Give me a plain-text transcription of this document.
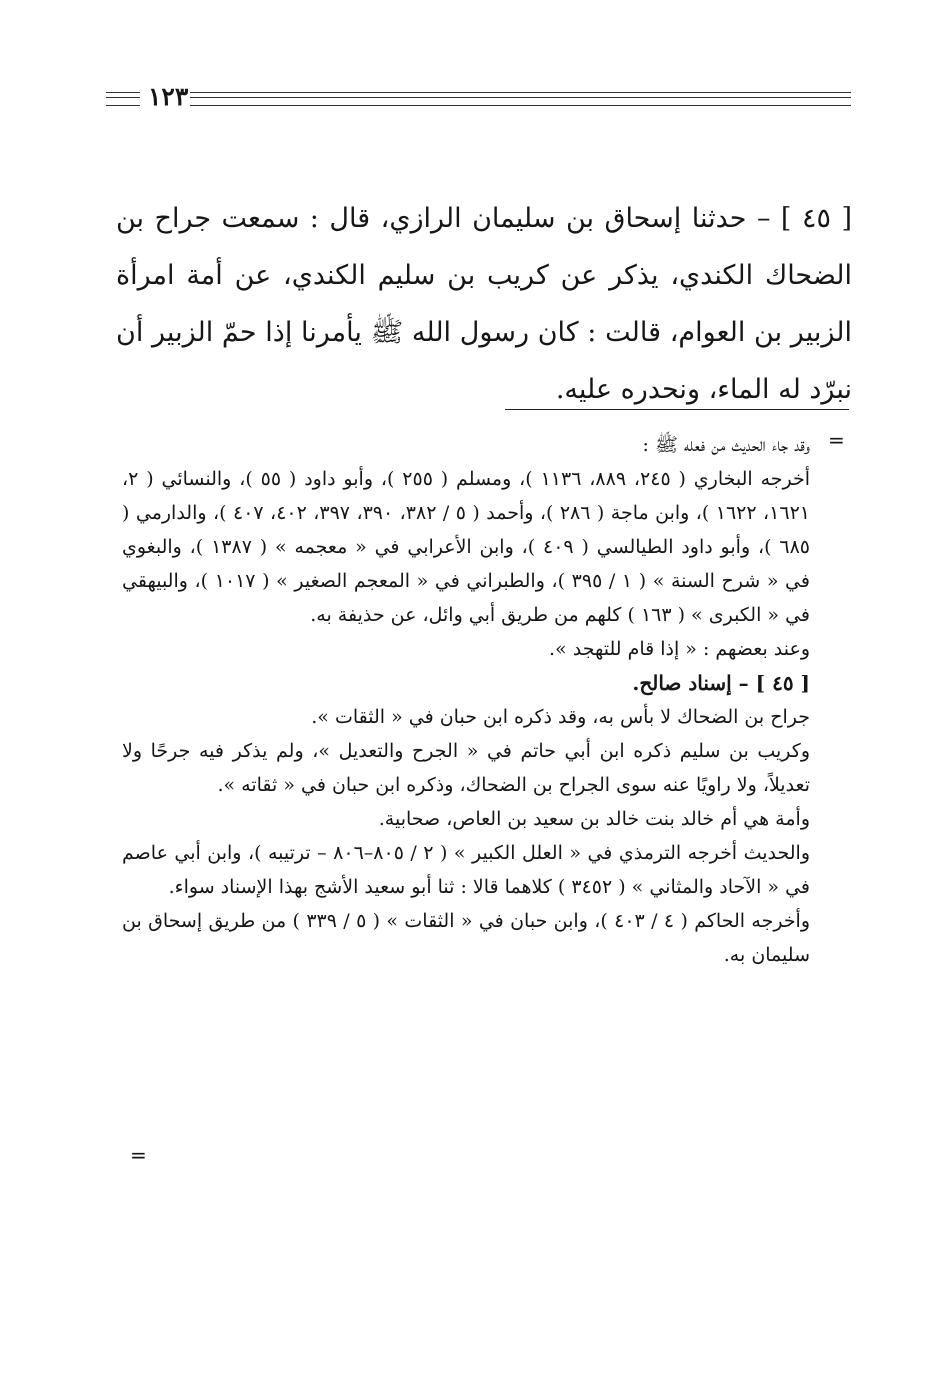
١٢٣

[ ٤٥ ] – حدثنا إسحاق بن سليمان الرازي، قال : سمعت جراح بن الضحاك الكندي، يذكر عن كريب بن سليم الكندي، عن أمة امرأة الزبير بن العوام، قالت : كان رسول الله ﷺ يأمرنا إذا حمّ الزبير أن نبرّد له الماء، ونحدره عليه.

=

وقد جاء الحديث من فعله ﷺ :

أخرجه البخاري ( ٢٤٥، ٨٨٩، ١١٣٦ )، ومسلم ( ٢٥٥ )، وأبو داود ( ٥٥ )، والنسائي ( ٢، ١٦٢١، ١٦٢٢ )، وابن ماجة ( ٢٨٦ )، وأحمد ( ٥ / ٣٨٢، ٣٩٠، ٣٩٧، ٤٠٢، ٤٠٧ )، والدارمي ( ٦٨٥ )، وأبو داود الطيالسي ( ٤٠٩ )، وابن الأعرابي في « معجمه » ( ١٣٨٧ )، والبغوي في « شرح السنة » ( ١ / ٣٩٥ )، والطبراني في « المعجم الصغير » ( ١٠١٧ )، والبيهقي في « الكبرى » ( ١٦٣ ) كلهم من طريق أبي وائل، عن حذيفة به.

وعند بعضهم : « إذا قام للتهجد ».

[ ٤٥ ] – إسناد صالح.

جراح بن الضحاك لا بأس به، وقد ذكره ابن حبان في « الثقات ».

وكريب بن سليم ذكره ابن أبي حاتم في « الجرح والتعديل »، ولم يذكر فيه جرحًا ولا تعديلاً، ولا راويًا عنه سوى الجراح بن الضحاك، وذكره ابن حبان في « ثقاته ».

وأمة هي أم خالد بنت خالد بن سعيد بن العاص، صحابية.

والحديث أخرجه الترمذي في « العلل الكبير » ( ٢ / ٨٠٥–٨٠٦ – ترتيبه )، وابن أبي عاصم في « الآحاد والمثاني » ( ٣٤٥٢ ) كلاهما قالا : ثنا أبو سعيد الأشج بهذا الإسناد سواء.

وأخرجه الحاكم ( ٤ / ٤٠٣ )، وابن حبان في « الثقات » ( ٥ / ٣٣٩ ) من طريق إسحاق بن سليمان به.

=
